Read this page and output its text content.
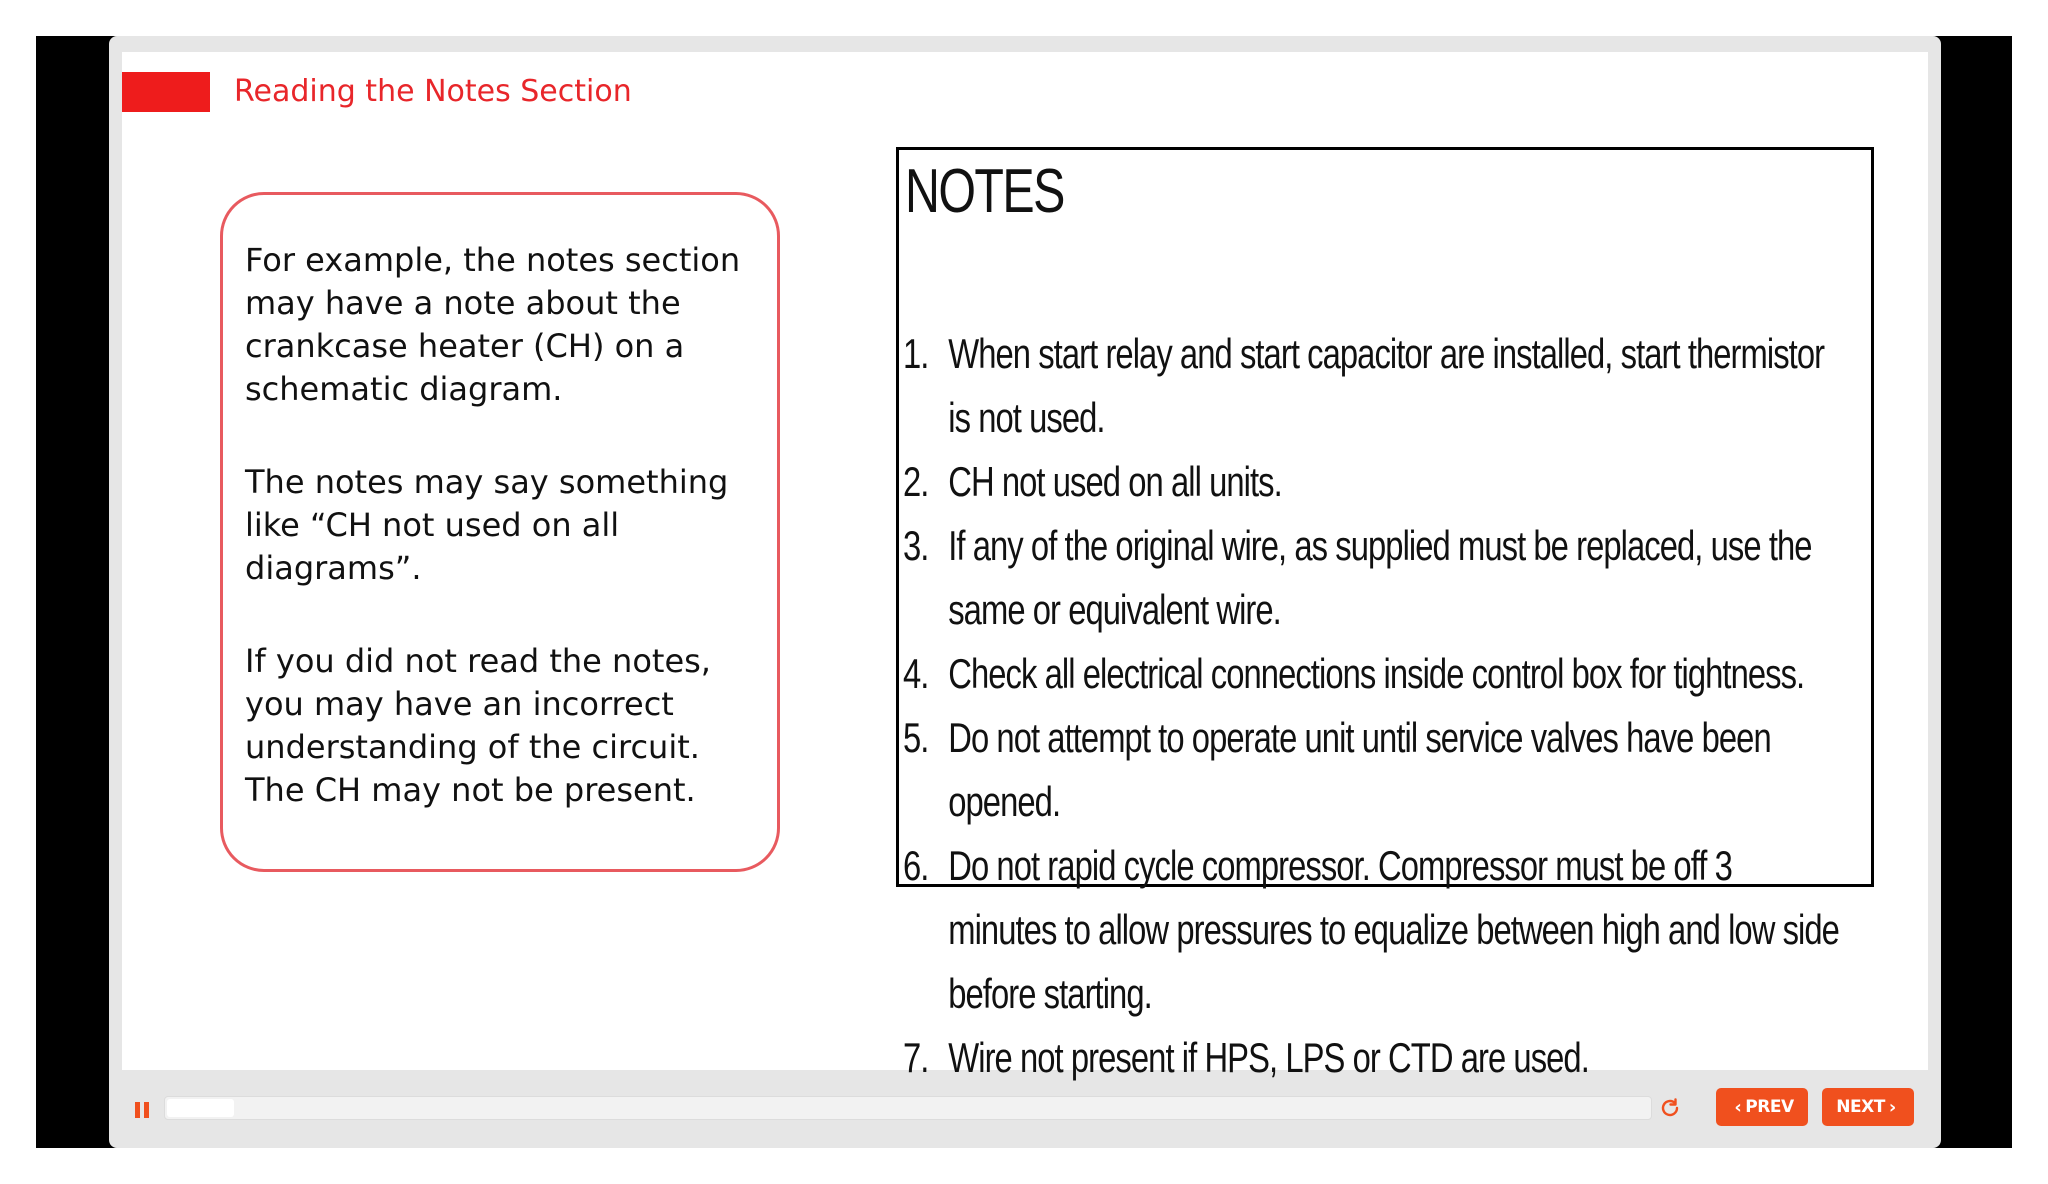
Reading the Notes Section

For example, the notes section may have a note about the crankcase heater (CH) on a schematic diagram.

The notes may say something like “CH not used on all diagrams”.

If you did not read the notes, you may have an incorrect understanding of the circuit. The CH may not be present.

NOTES
1. When start relay and start capacitor are installed, start thermistor is not used.
2. CH not used on all units.
3. If any of the original wire, as supplied must be replaced, use the same or equivalent wire.
4. Check all electrical connections inside control box for tightness.
5. Do not attempt to operate unit until service valves have been opened.
6. Do not rapid cycle compressor. Compressor must be off 3 minutes to allow pressures to equalize between high and low side before starting.
7. Wire not present if HPS, LPS or CTD are used.
‹ PREV	NEXT ›
